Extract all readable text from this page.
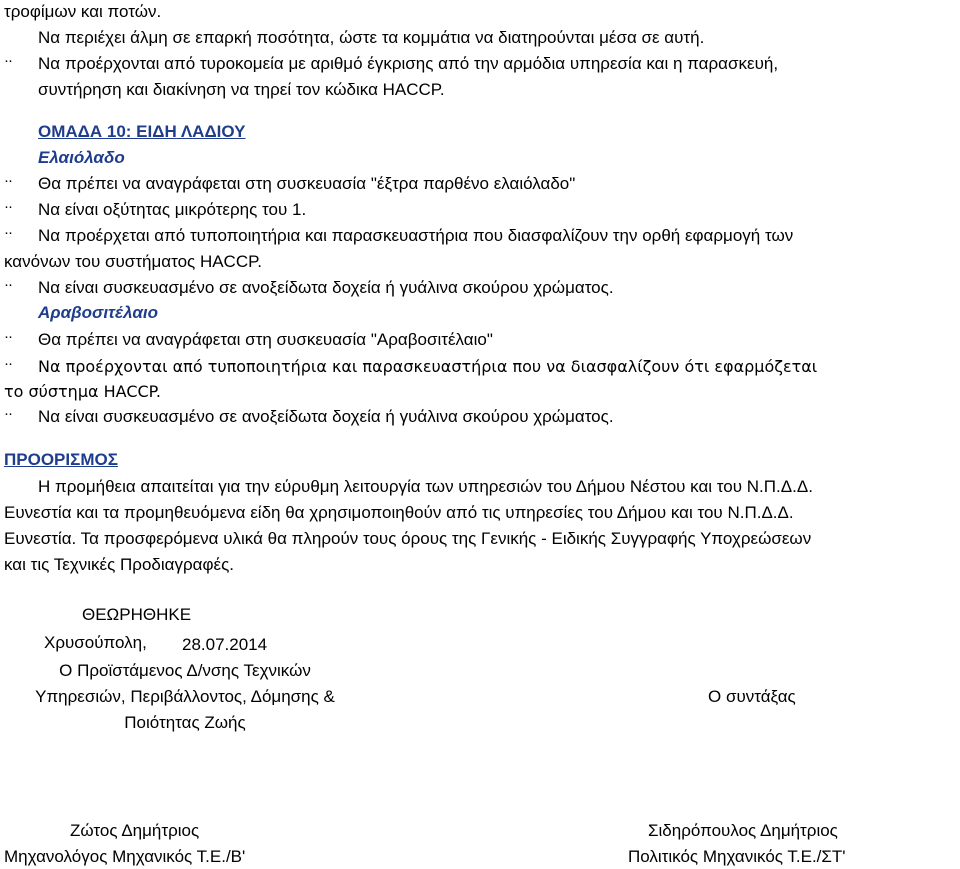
τροφίμων και ποτών.
Να περιέχει άλμη σε επαρκή ποσότητα, ώστε τα κομμάτια να διατηρούνται μέσα σε αυτή.
·· Να προέρχονται από τυροκομεία με αριθμό έγκρισης από την αρμόδια υπηρεσία και η παρασκευή,
συντήρηση και διακίνηση να τηρεί τον κώδικα HACCP.
ΟΜΑΔΑ 10: ΕΙΔΗ ΛΑΔΙΟΥ
Ελαιόλαδο
·· Θα πρέπει να αναγράφεται στη συσκευασία "έξτρα παρθένο ελαιόλαδο"
·· Να είναι οξύτητας μικρότερης του 1.
·· Να προέρχεται από τυποποιητήρια και παρασκευαστήρια που διασφαλίζουν την ορθή εφαρμογή των
κανόνων του συστήματος HACCP.
·· Να είναι συσκευασμένο σε ανοξείδωτα δοχεία ή γυάλινα σκούρου χρώματος.
Αραβοσιτέλαιο
·· Θα πρέπει να αναγράφεται στη συσκευασία "Αραβοσιτέλαιο"
·· Να προέρχονται από τυποποιητήρια και παρασκευαστήρια που να διασφαλίζουν ότι εφαρμόζεται
το σύστημα HACCP.
·· Να είναι συσκευασμένο σε ανοξείδωτα δοχεία ή γυάλινα σκούρου χρώματος.
ΠΡΟΟΡΙΣΜΟΣ
Η προμήθεια απαιτείται για την εύρυθμη λειτουργία των υπηρεσιών του Δήμου Νέστου και του Ν.Π.Δ.Δ.
Ευνεστία και τα προμηθευόμενα είδη θα χρησιμοποιηθούν από τις υπηρεσίες του Δήμου και του Ν.Π.Δ.Δ.
Ευνεστία. Τα προσφερόμενα υλικά θα πληρούν τους όρους της Γενικής - Ειδικής Συγγραφής Υποχρεώσεων
και τις Τεχνικές Προδιαγραφές.
ΘΕΩΡΗΘΗΚΕ
Χρυσούπολη, 28.07.2014
Ο Προϊστάμενος Δ/νσης Τεχνικών
Υπηρεσιών, Περιβάλλοντος, Δόμησης &
Ποιότητας Ζωής
Ο συντάξας
Ζώτος Δημήτριος
Μηχανολόγος Μηχανικός Τ.Ε./Β'
Σιδηρόπουλος Δημήτριος
Πολιτικός Μηχανικός Τ.Ε./ΣΤ'
